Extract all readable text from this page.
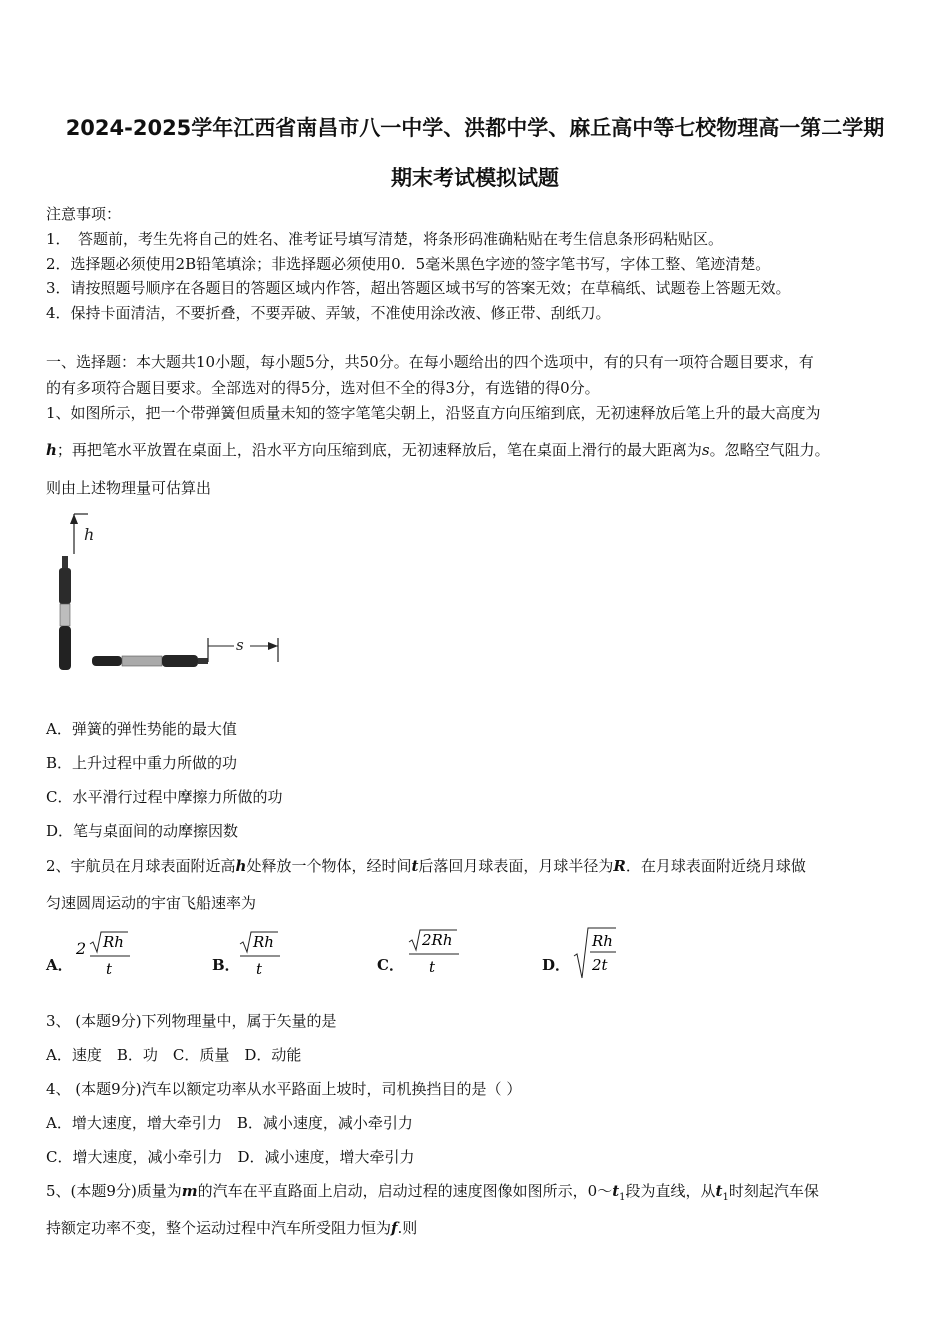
2024-2025学年江西省南昌市八一中学、洪都中学、麻丘高中等七校物理高一第二学期
期末考试模拟试题
注意事项：
1．　答题前，考生先将自己的姓名、准考证号填写清楚，将条形码准确粘贴在考生信息条形码粘贴区。
2．选择题必须使用2B铅笔填涂；非选择题必须使用0．5毫米黑色字迹的签字笔书写，字体工整、笔迹清楚。
3．请按照题号顺序在各题目的答题区域内作答，超出答题区域书写的答案无效；在草稿纸、试题卷上答题无效。
4．保持卡面清洁，不要折叠，不要弄破、弄皱，不准使用涂改液、修正带、刮纸刀。
一、选择题：本大题共10小题，每小题5分，共50分。在每小题给出的四个选项中，有的只有一项符合题目要求，有
的有多项符合题目要求。全部选对的得5分，选对但不全的得3分，有选错的得0分。
1、如图所示，把一个带弹簧但质量未知的签字笔笔尖朝上，沿竖直方向压缩到底，无初速释放后笔上升的最大高度为
h；再把笔水平放置在桌面上，沿水平方向压缩到底，无初速释放后，笔在桌面上滑行的最大距离为s。忽略空气阻力。
则由上述物理量可估算出
h
s
A．弹簧的弹性势能的最大值
B．上升过程中重力所做的功
C．水平滑行过程中摩擦力所做的功
D．笔与桌面间的动摩擦因数
2、宇航员在月球表面附近高h处释放一个物体，经时间t后落回月球表面，月球半径为R．在月球表面附近绕月球做
匀速圆周运动的宇宙飞船速率为
A．
2 Rh
t	B．
Rh
t	C．
2Rh
t	D．
Rh
2t
3、 (本题9分)下列物理量中，属于矢量的是
A．速度　B．功　C．质量　D．动能
4、 (本题9分)汽车以额定功率从水平路面上坡时，司机换挡目的是（ ）
A．增大速度，增大牵引力　B．减小速度，减小牵引力
C．增大速度，减小牵引力　D．减小速度，增大牵引力
5、(本题9分)质量为m的汽车在平直路面上启动，启动过程的速度图像如图所示，$0\sim t_1$段为直线，从$t_1$时刻起汽车保
持额定功率不变，整个运动过程中汽车所受阻力恒为f.则
